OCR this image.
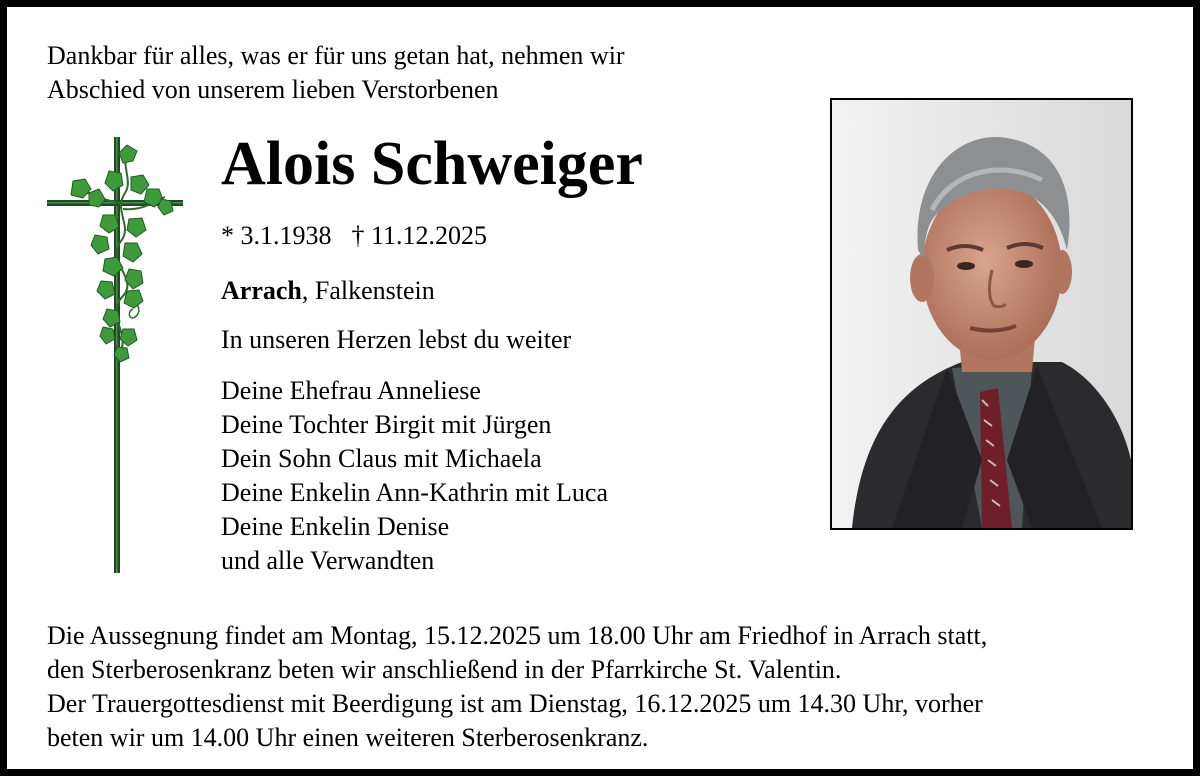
Dankbar für alles, was er für uns getan hat, nehmen wir
Abschied von unserem lieben Verstorbenen
Alois Schweiger
* 3.1.1938 † 11.12.2025
Arrach, Falkenstein
In unseren Herzen lebst du weiter
Deine Ehefrau Anneliese
Deine Tochter Birgit mit Jürgen
Dein Sohn Claus mit Michaela
Deine Enkelin Ann-Kathrin mit Luca
Deine Enkelin Denise
und alle Verwandten
Die Aussegnung findet am Montag, 15.12.2025 um 18.00 Uhr am Friedhof in Arrach statt,
den Sterberosenkranz beten wir anschließend in der Pfarrkirche St. Valentin.
Der Trauergottesdienst mit Beerdigung ist am Dienstag, 16.12.2025 um 14.30 Uhr, vorher
beten wir um 14.00 Uhr einen weiteren Sterberosenkranz.
